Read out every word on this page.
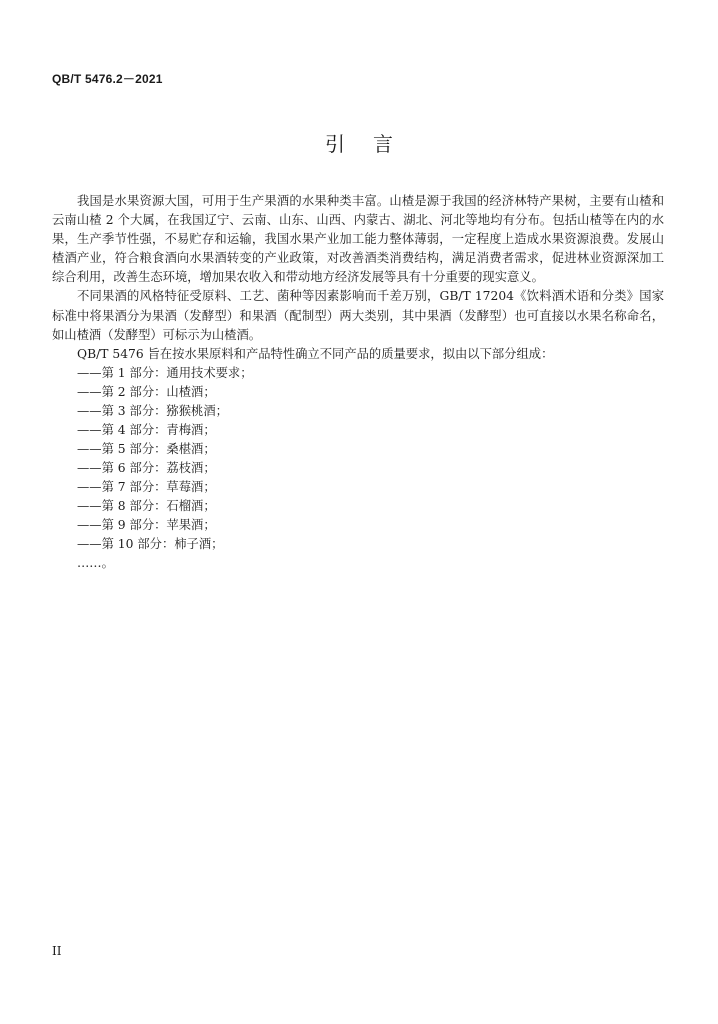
QB/T 5476.2－2021
引言

我国是水果资源大国，可用于生产果酒的水果种类丰富。山楂是源于我国的经济林特产果树，主要有山楂和云南山楂 2 个大属，在我国辽宁、云南、山东、山西、内蒙古、湖北、河北等地均有分布。包括山楂等在内的水果，生产季节性强，不易贮存和运输，我国水果产业加工能力整体薄弱，一定程度上造成水果资源浪费。发展山楂酒产业，符合粮食酒向水果酒转变的产业政策，对改善酒类消费结构，满足消费者需求，促进林业资源深加工综合利用，改善生态环境，增加果农收入和带动地方经济发展等具有十分重要的现实意义。

不同果酒的风格特征受原料、工艺、菌种等因素影响而千差万别，GB/T 17204《饮料酒术语和分类》国家标准中将果酒分为果酒（发酵型）和果酒（配制型）两大类别，其中果酒（发酵型）也可直接以水果名称命名，如山楂酒（发酵型）可标示为山楂酒。

QB/T 5476 旨在按水果原料和产品特性确立不同产品的质量要求，拟由以下部分组成：

——第 1 部分：通用技术要求；
——第 2 部分：山楂酒；
——第 3 部分：猕猴桃酒；
——第 4 部分：青梅酒；
——第 5 部分：桑椹酒；
——第 6 部分：荔枝酒；
——第 7 部分：草莓酒；
——第 8 部分：石榴酒；
——第 9 部分：苹果酒；
——第 10 部分：柿子酒；
……。
II
